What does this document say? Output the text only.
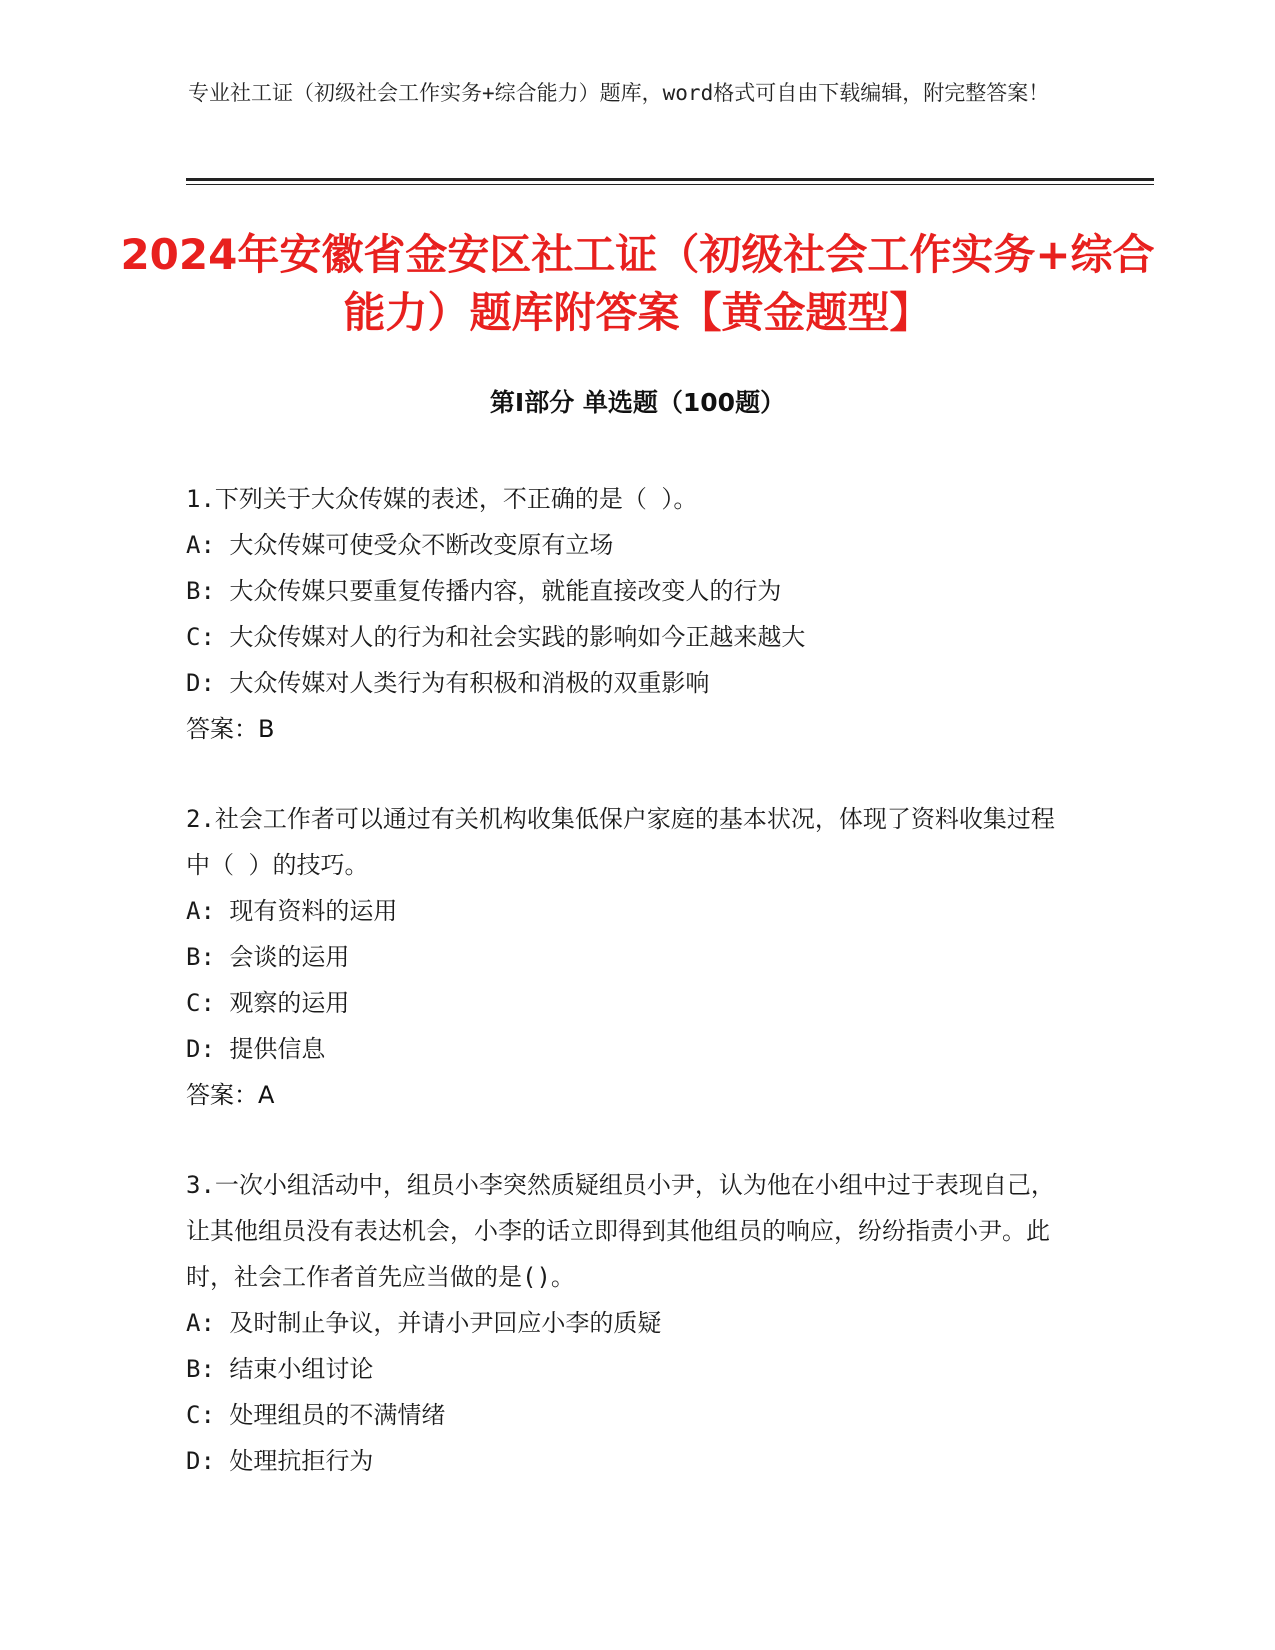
专业社工证（初级社会工作实务+综合能力）题库，word格式可自由下载编辑，附完整答案！
2024年安徽省金安区社工证（初级社会工作实务+综合能力）题库附答案【黄金题型】
第I部分 单选题（100题）
1.下列关于大众传媒的表述，不正确的是（ ）。
A: 大众传媒可使受众不断改变原有立场
B: 大众传媒只要重复传播内容，就能直接改变人的行为
C: 大众传媒对人的行为和社会实践的影响如今正越来越大
D: 大众传媒对人类行为有积极和消极的双重影响
答案：B
2.社会工作者可以通过有关机构收集低保户家庭的基本状况，体现了资料收集过程中（ ）的技巧。
A: 现有资料的运用
B: 会谈的运用
C: 观察的运用
D: 提供信息
答案：A
3.一次小组活动中，组员小李突然质疑组员小尹，认为他在小组中过于表现自己，让其他组员没有表达机会，小李的话立即得到其他组员的响应，纷纷指责小尹。此时，社会工作者首先应当做的是()。
A: 及时制止争议，并请小尹回应小李的质疑
B: 结束小组讨论
C: 处理组员的不满情绪
D: 处理抗拒行为
